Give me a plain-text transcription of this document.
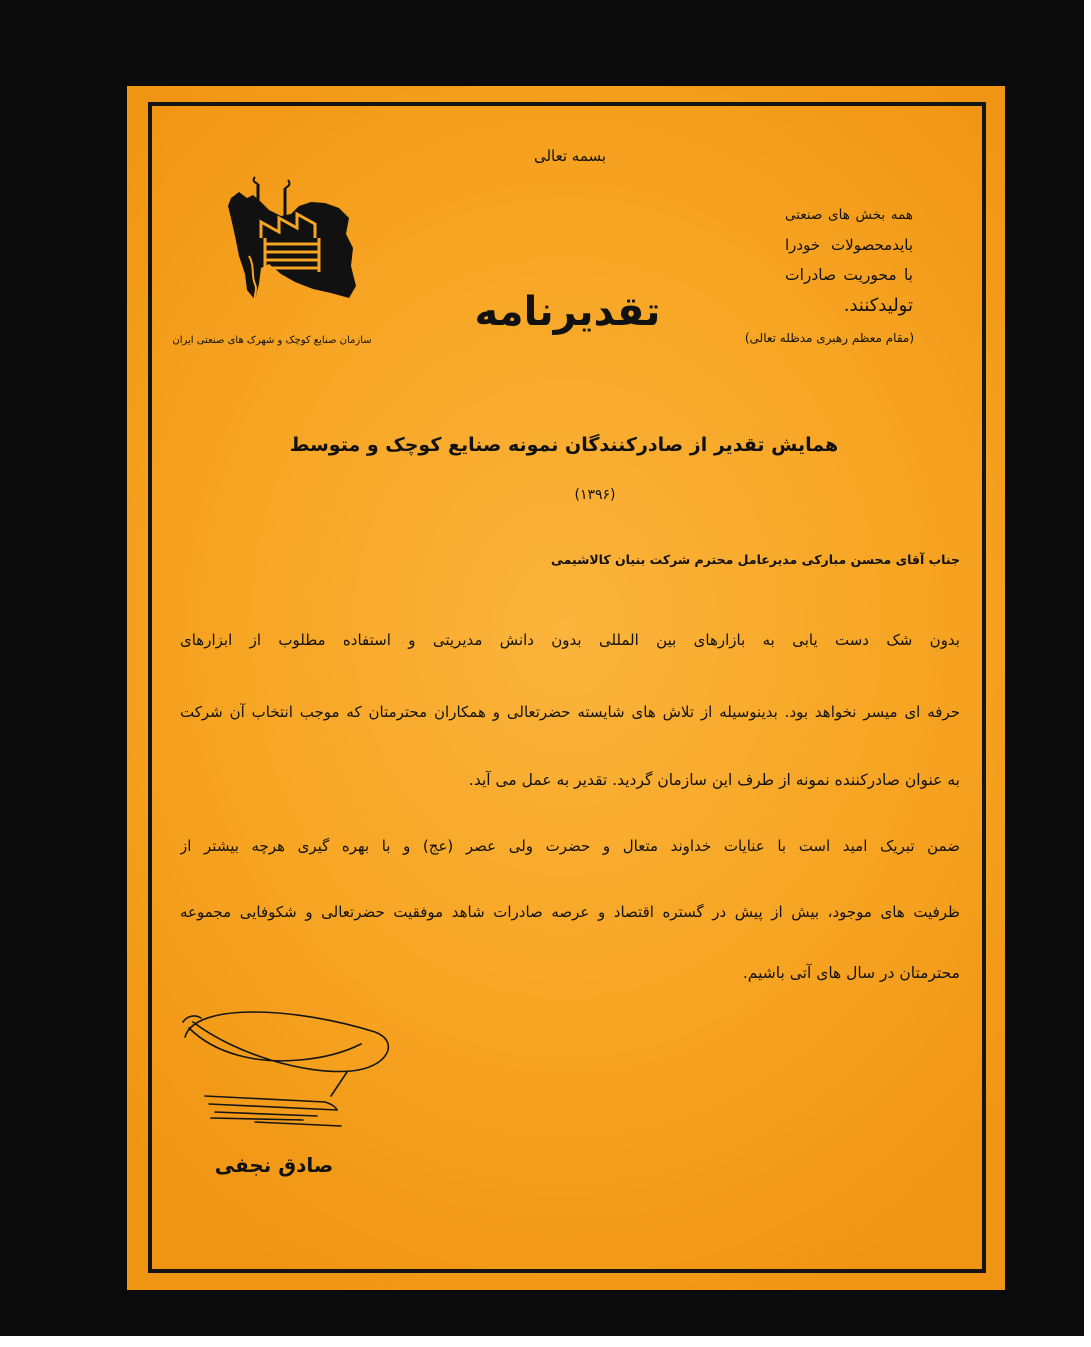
بسمه تعالی
سازمان صنایع کوچک و شهرک های صنعتی ایران
تقدیرنامه
همه بخش های صنعتی
بایدمحصولات خودرا
با محوریت صادرات
تولیدکنند.
(مقام معظم رهبری مدظله تعالی)
همایش تقدیر از صادرکنندگان نمونه صنایع کوچک و متوسط
(۱۳۹۶)
جناب آقای محسن مبارکی مدیرعامل محترم شرکت بنیان کالاشیمی
بدون شک دست یابی به بازارهای بین المللی بدون دانش مدیریتی و استفاده مطلوب از ابزارهای
حرفه ای میسر نخواهد بود. بدینوسیله از تلاش های شایسته حضرتعالی و همکاران محترمتان که موجب انتخاب آن شرکت
به عنوان صادرکننده نمونه از طرف این سازمان گردید. تقدیر به عمل می آید.
ضمن تبریک امید است با عنایات خداوند متعال و حضرت ولی عصر (عج) و با بهره گیری هرچه بیشتر از
ظرفیت های موجود، بیش از پیش در گستره اقتصاد و عرصه صادرات شاهد موفقیت حضرتعالی و شکوفایی مجموعه
محترمتان در سال های آتی باشیم.
صادق نجفی
